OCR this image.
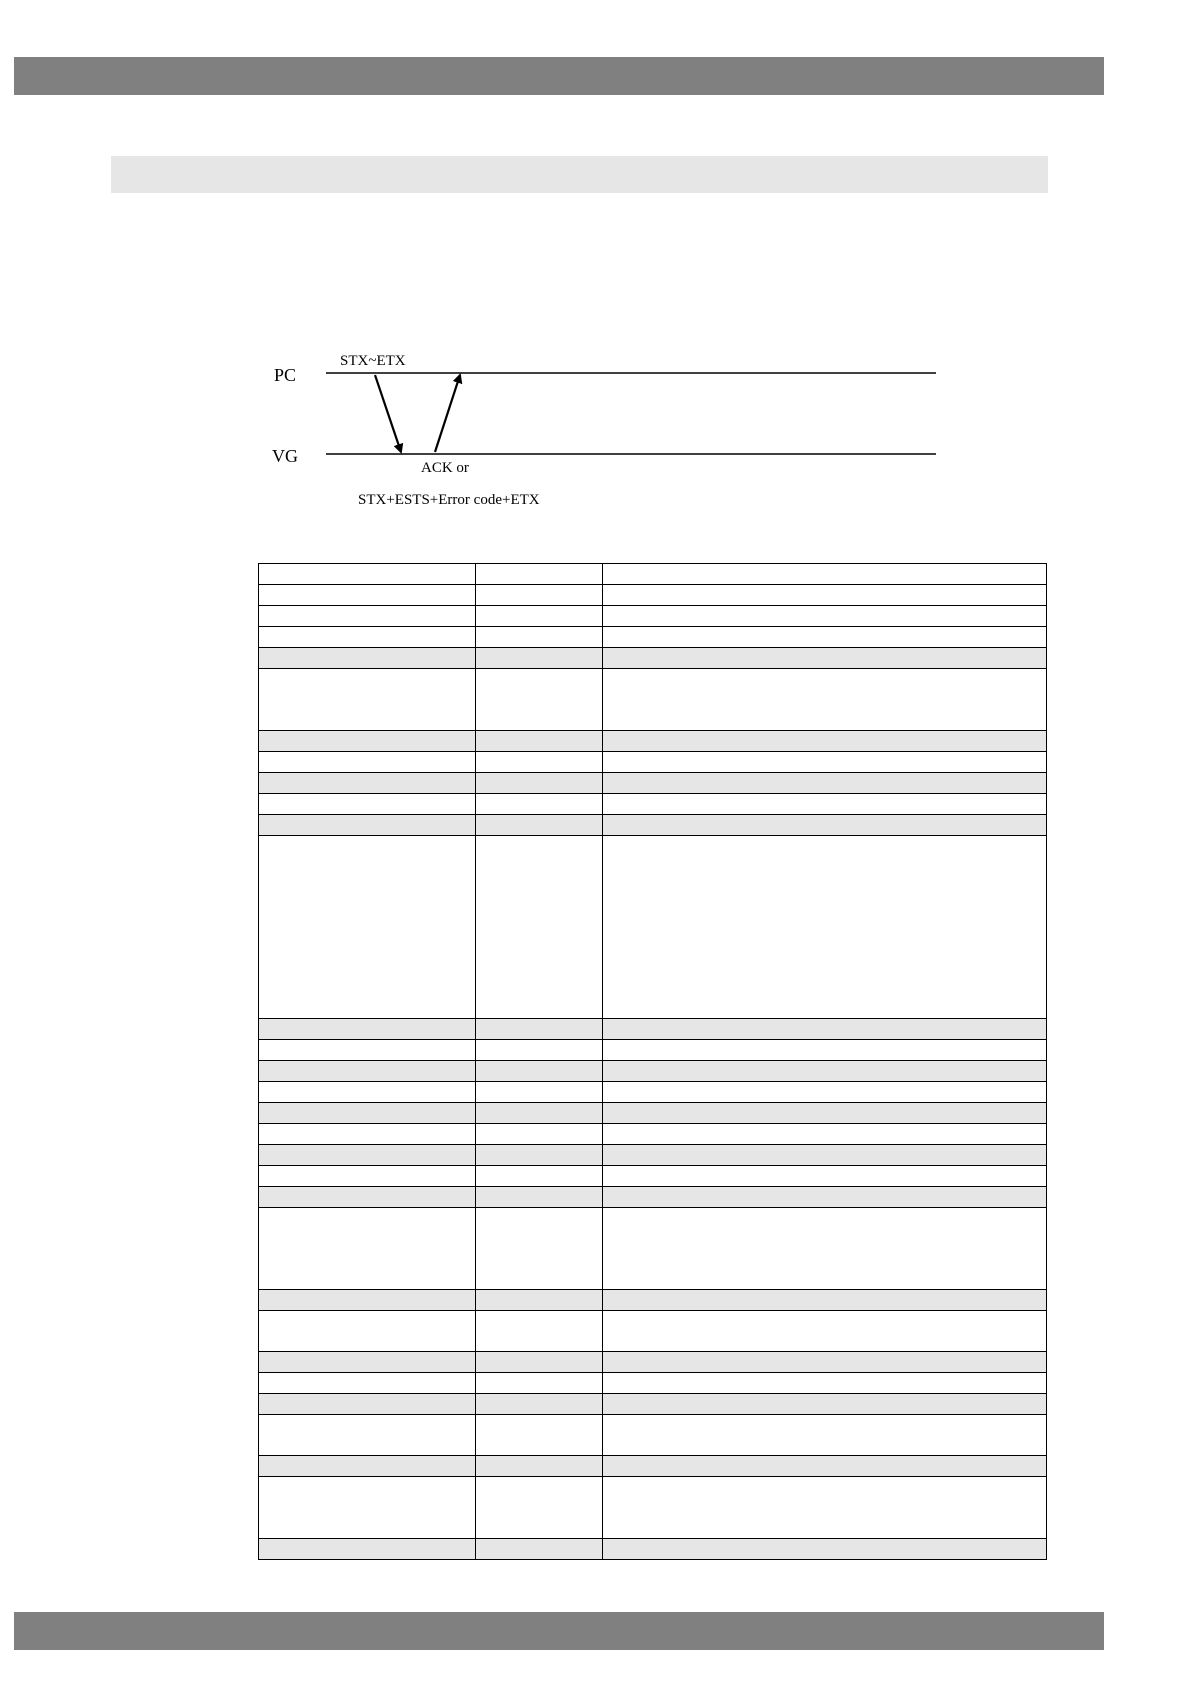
PC
VG
STX~ETX
ACK or
STX+ESTS+Error code+ETX
